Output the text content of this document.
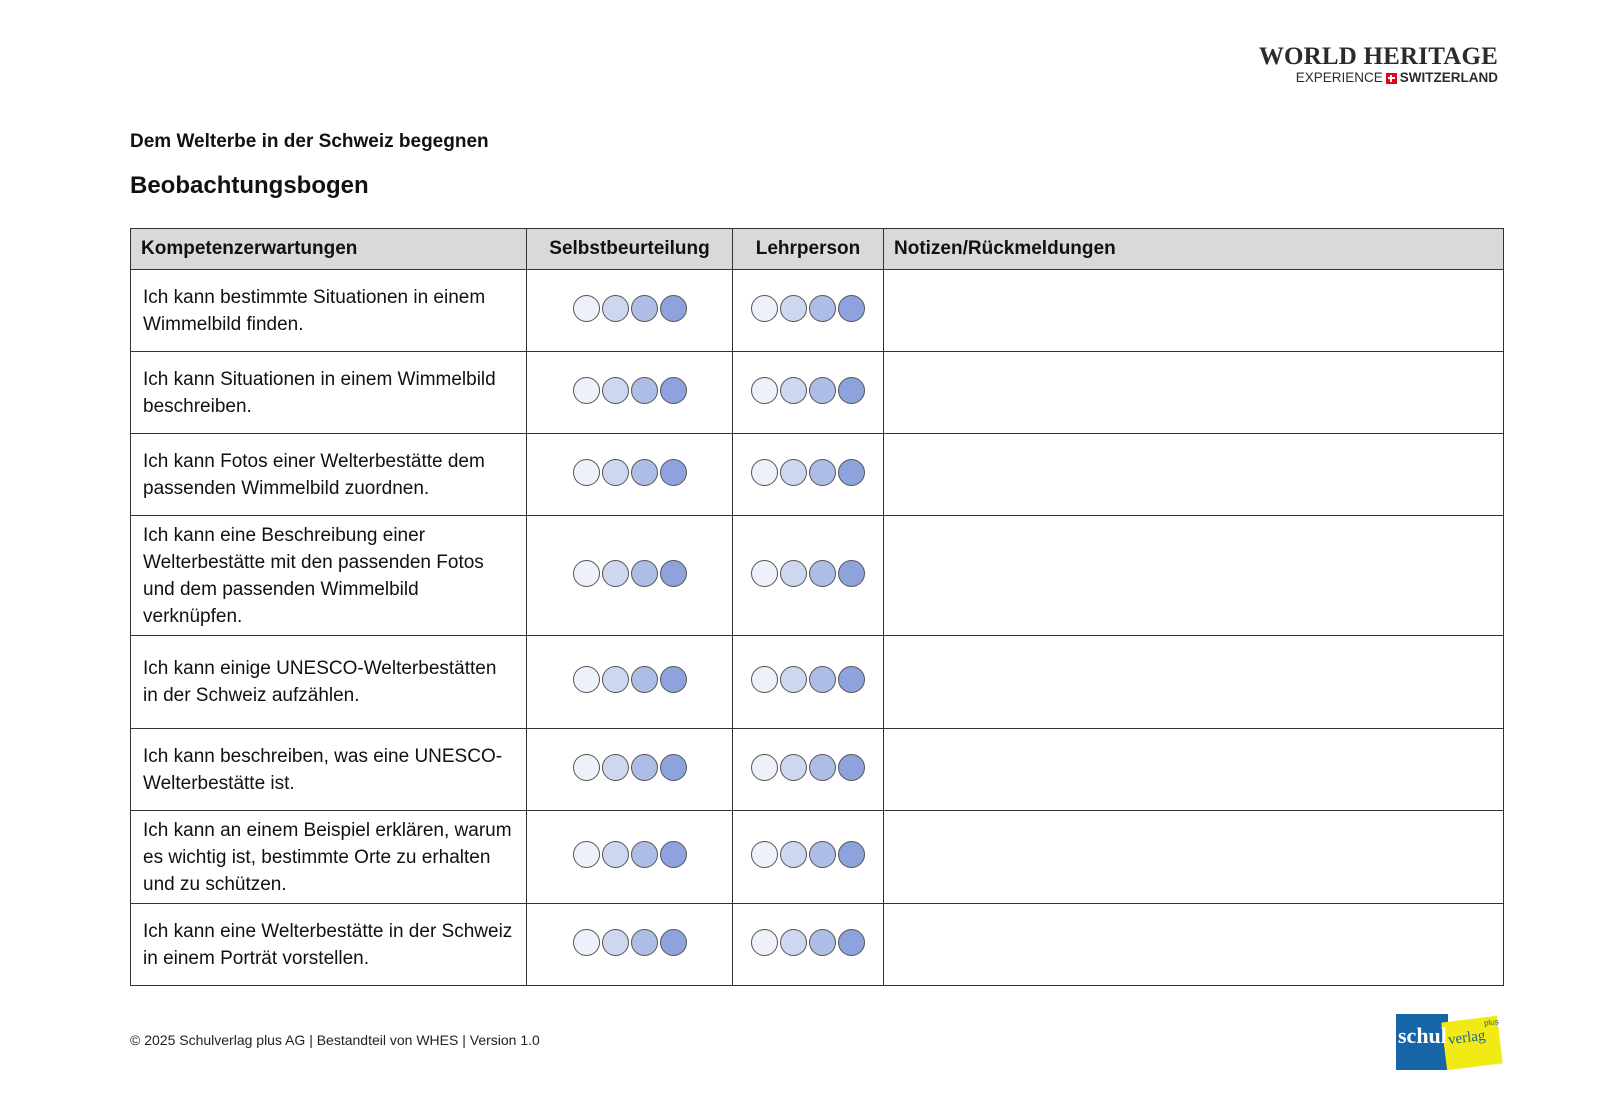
WORLD HERITAGE
EXPERIENCE SWITZERLAND
Dem Welterbe in der Schweiz begegnen
Beobachtungsbogen
Kompetenzerwartungen	Selbstbeurteilung	Lehrperson	Notizen/Rückmeldungen
Ich kann bestimmte Situationen in einem Wimmelbild finden.	

Ich kann Situationen in einem Wimmelbild beschreiben.	

Ich kann Fotos einer Welterbestätte dem passenden Wimmelbild zuordnen.	

Ich kann eine Beschreibung einer Welterbestätte mit den passenden Fotos und dem passenden Wimmelbild verknüpfen.	

Ich kann einige UNESCO-Welterbestätten in der Schweiz aufzählen.	

Ich kann beschreiben, was eine UNESCO-Welterbestätte ist.	

Ich kann an einem Beispiel erklären, warum es wichtig ist, bestimmte Orte zu erhalten und zu schützen.	

Ich kann eine Welterbestätte in der Schweiz in einem Porträt vorstellen.	

© 2025 Schulverlag plus AG | Bestandteil von WHES | Version 1.0	schul verlag
plus
